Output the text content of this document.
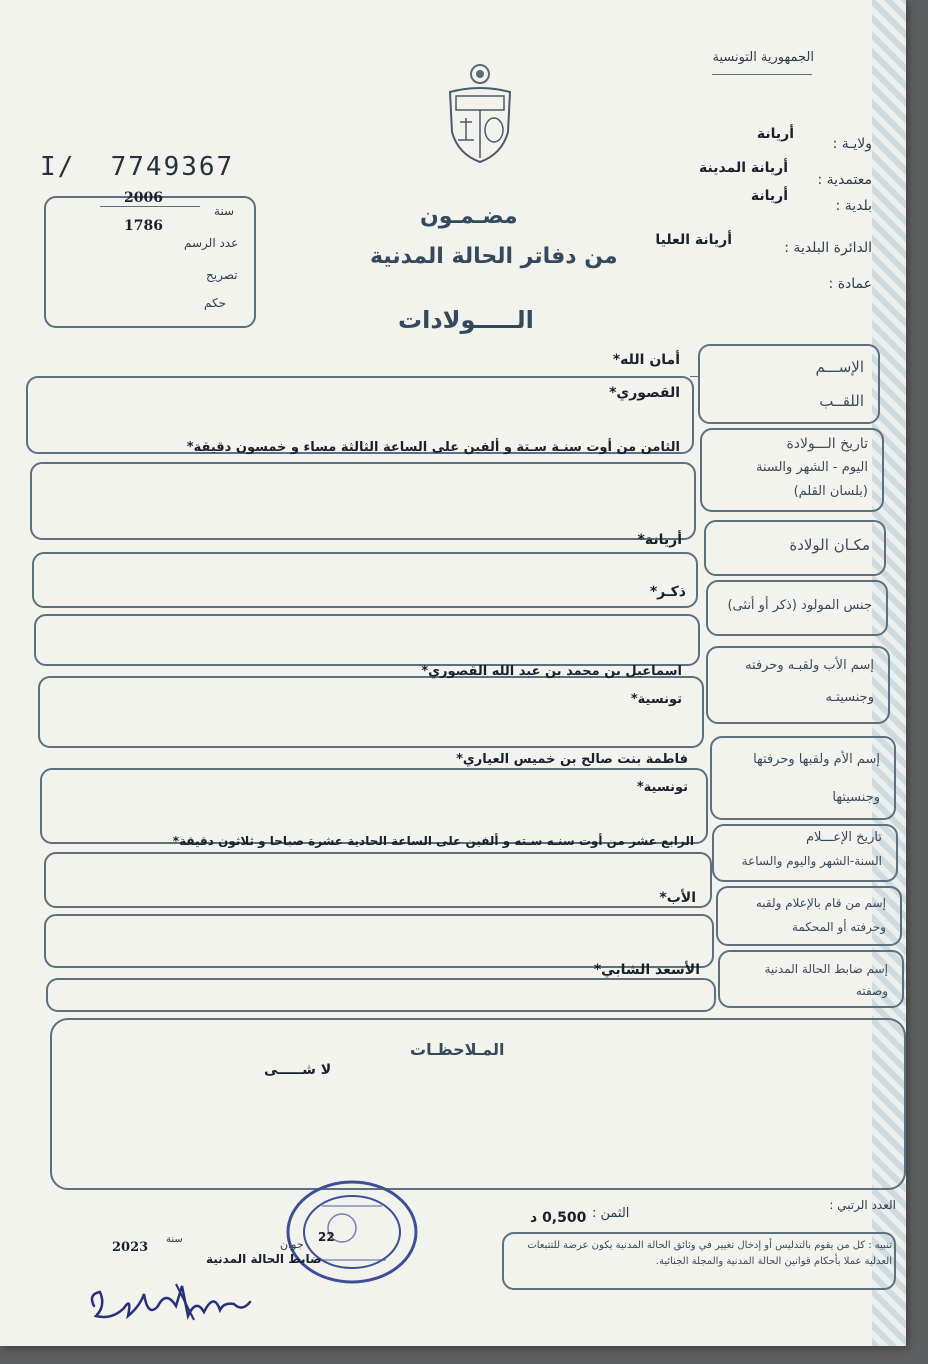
الجمهورية التونسية
ولايـة :
أريانة
معتمدية :
أريانة المدينة
بلدية :
أريانة
الدائرة البلدية :
أريانة العليا
عمادة :
I/ 7749367
سنة
2006
عدد الرسم
1786
تصريح
حكم
مضـمـون
من دفاتر الحالة المدنية
الـــــولادات
الإســـم
اللقــب
أمان الله*
القصوري*
تاريخ الـــولادة
اليوم - الشهر والسنة
(بلسان القلم)
الثامن من أوت سنـة سـتة و ألفين على الساعة الثالثة مساء و خمسون دقيقة*
مكـان الولادة
أريانة*
جنس المولود (ذكر أو أنثى)
ذكـر*
إسم الأب ولقبـه وحرفته
وجنسيتـه
اسماعيل بن محمد بن عبد الله القصوري*
تونسية*
إسم الأم ولقبها وحرفتها
وجنسيتها
فاطمة بنت صالح بن خميس العياري*
تونسية*
تاريخ الإعـــلام
السنة-الشهر واليوم والساعة
الرابع عشر من أوت سنـه سـته و ألفين على الساعة الحادية عشرة صباحا و ثلاثون دقيقة*
إسم من قام بالإعلام ولقبه
وحرفته أو المحكمة
الأب*
إسم ضابط الحالة المدنية
وصفته
الأسعد الشابي*
المـلاحظـات
لا شـــــى
العدد الرتبي :
الثمن :
0,500 د
تنبيه : كل من يقوم بالتدليس أو إدخال تغيير في وثائق الحالة المدنية يكون عرضة للتتبعات العدلية عملا بأحكام قوانين الحالة المدنية والمجلة الجنائية.
22
جوان
ضابط الحالة المدنية
سنة
2023
